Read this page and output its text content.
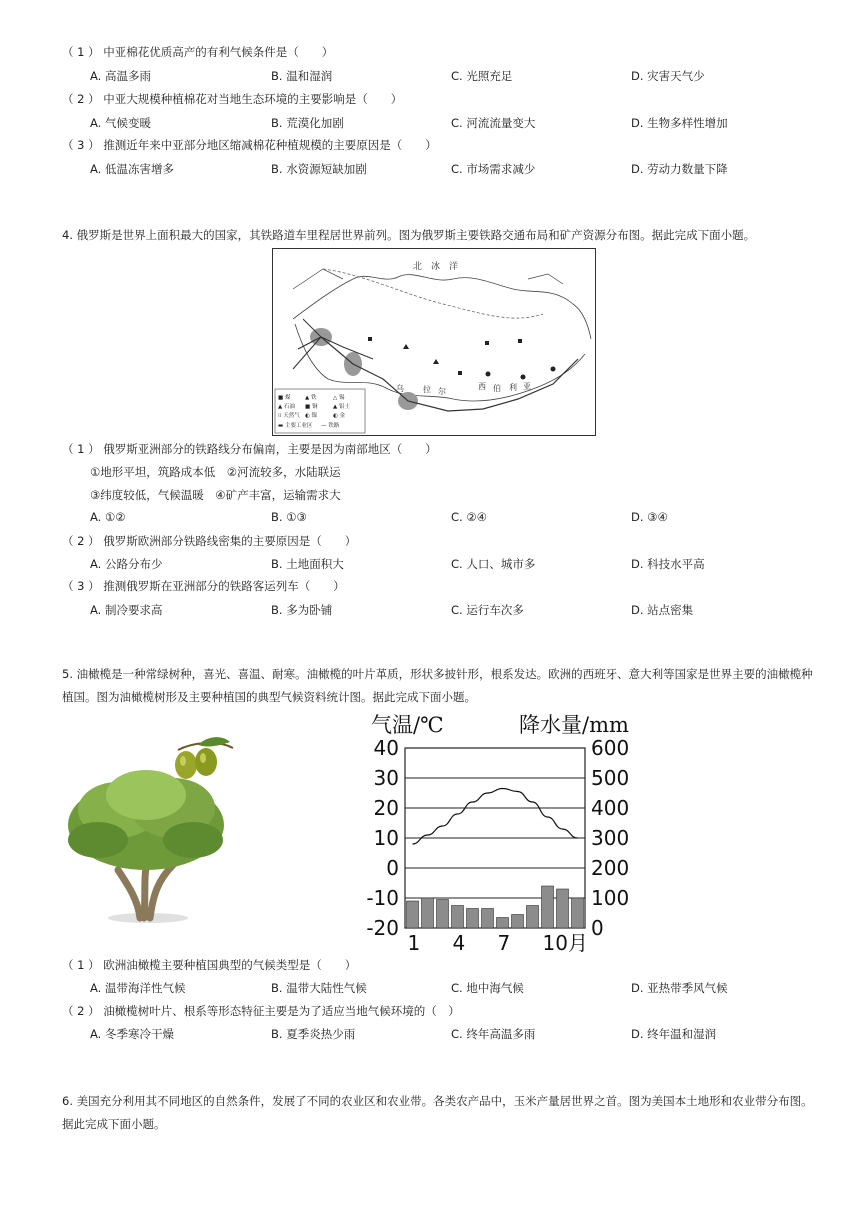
（ 1 ） 中亚棉花优质高产的有利气候条件是（　　）
A. 高温多雨	B. 温和湿润	C. 光照充足	D. 灾害天气少
（ 2 ） 中亚大规模种植棉花对当地生态环境的主要影响是（　　）
A. 气候变暖	B. 荒漠化加剧	C. 河流流量变大	D. 生物多样性增加
（ 3 ） 推测近年来中亚部分地区缩减棉花种植规模的主要原因是（　　）
A. 低温冻害增多	B. 水资源短缺加剧	C. 市场需求减少	D. 劳动力数量下降
4. 俄罗斯是世界上面积最大的国家，其铁路道车里程居世界前列。图为俄罗斯主要铁路交通布局和矿产资源分布图。据此完成下面小题。
北　冰　洋
乌 拉 尔
西 伯 利 亚
■ 煤	▲ 铁	△ 锡
▲ 石油 ■ 铜	▲ 铝土
⁞⁞ 天然气 ◐ 镍	◐ 金
▬ 主要工业区 — 铁路
（ 1 ） 俄罗斯亚洲部分的铁路线分布偏南，主要是因为南部地区（　　）
①地形平坦，筑路成本低　②河流较多，水陆联运
③纬度较低，气候温暖　④矿产丰富，运输需求大
A. ①②	B. ①③	C. ②④	D. ③④
（ 2 ） 俄罗斯欧洲部分铁路线密集的主要原因是（　　）
A. 公路分布少	B. 土地面积大	C. 人口、城市多	D. 科技水平高
（ 3 ） 推测俄罗斯在亚洲部分的铁路客运列车（　　）
A. 制冷要求高	B. 多为卧铺	C. 运行车次多	D. 站点密集
5. 油橄榄是一种常绿树种，喜光、喜温、耐寒。油橄榄的叶片革质，形状多披针形，根系发达。欧洲的西班牙、意大利等国家是世界主要的油橄榄种植国。图为油橄榄树形及主要种植国的典型气候资料统计图。据此完成下面小题。
气温/℃	降水量/mm
40
30
20
10
0
-10
-20
600
500
400
300
200
100
0
1 4 7 10月
（ 1 ） 欧洲油橄榄主要种植国典型的气候类型是（　　）
A. 温带海洋性气候	B. 温带大陆性气候	C. 地中海气候	D. 亚热带季风气候
（ 2 ） 油橄榄树叶片、根系等形态特征主要是为了适应当地气候环境的（　）
A. 冬季寒冷干燥	B. 夏季炎热少雨	C. 终年高温多雨	D. 终年温和湿润
6. 美国充分利用其不同地区的自然条件，发展了不同的农业区和农业带。各类农产品中，玉米产量居世界之首。图为美国本土地形和农业带分布图。据此完成下面小题。
